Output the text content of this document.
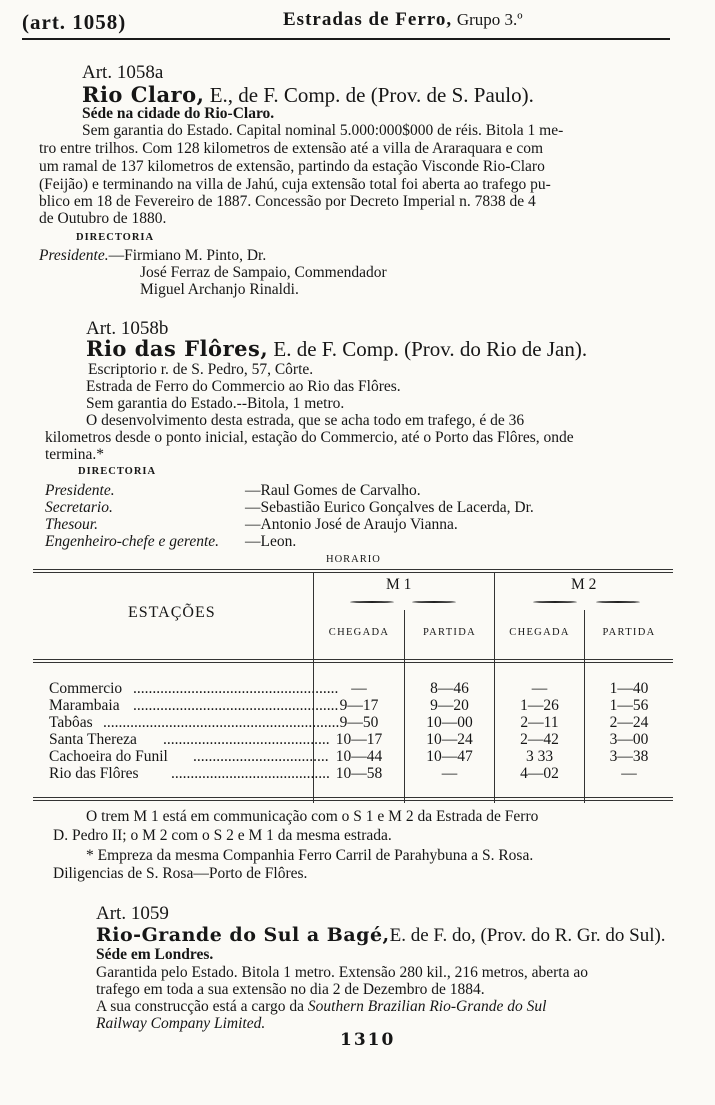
(art. 1058)	Estradas de Ferro, Grupo 3.º
Art. 1058a
Rio Claro, E., de F. Comp. de (Prov. de S. Paulo).
Séde na cidade do Rio-Claro.
Sem garantia do Estado. Capital nominal 5.000:000$000 de réis. Bitola 1 me-
tro entre trilhos. Com 128 kilometros de extensão até a villa de Araraquara e com
um ramal de 137 kilometros de extensão, partindo da estação Visconde Rio-Claro
(Feijão) e terminando na villa de Jahú, cuja extensão total foi aberta ao trafego pu-
blico em 18 de Fevereiro de 1887. Concessão por Decreto Imperial n. 7838 de 4
de Outubro de 1880.
DIRECTORIA
Presidente.—Firmiano M. Pinto, Dr.
José Ferraz de Sampaio, Commendador
Miguel Archanjo Rinaldi.
Art. 1058b
Rio das Flôres, E. de F. Comp. (Prov. do Rio de Jan).
Escriptorio r. de S. Pedro, 57, Côrte.
Estrada de Ferro do Commercio ao Rio das Flôres.
Sem garantia do Estado.--Bitola, 1 metro.
O desenvolvimento desta estrada, que se acha todo em trafego, é de 36
kilometros desde o ponto inicial, estação do Commercio, até o Porto das Flôres, onde
termina.*
DIRECTORIA
Presidente.	—Raul Gomes de Carvalho.
Secretario.	—Sebastião Eurico Gonçalves de Lacerda, Dr.
Thesour.	—Antonio José de Araujo Vianna.
Engenheiro-chefe e gerente. —Leon.
HORARIO
M 1	M 2
ESTAÇÕES
CHEGADA	PARTIDA	CHEGADA	PARTIDA
Commercio ..................................................... —	8—46	—	1—40
Marambaia ..................................................... 9—17	9—20	1—26	1—56
Tabôas ............................................................. 9—50	10—00	2—11	2—24
Santa Thereza ........................................... 10—17	10—24	2—42	3—00
Cachoeira do Funil ................................... 10—44	10—47	3 33	3—38
Rio das Flôres ......................................... 10—58	—	4—02	—
O trem M 1 está em communicação com o S 1 e M 2 da Estrada de Ferro
D. Pedro II; o M 2 com o S 2 e M 1 da mesma estrada.
* Empreza da mesma Companhia Ferro Carril de Parahybuna a S. Rosa.
Diligencias de S. Rosa—Porto de Flôres.
Art. 1059
Rio-Grande do Sul a Bagé,E. de F. do, (Prov. do R. Gr. do Sul).
Séde em Londres.
Garantida pelo Estado. Bitola 1 metro. Extensão 280 kil., 216 metros, aberta ao
trafego em toda a sua extensão no dia 2 de Dezembro de 1884.
A sua construcção está a cargo da Southern Brazilian Rio-Grande do Sul
Railway Company Limited.
1310
